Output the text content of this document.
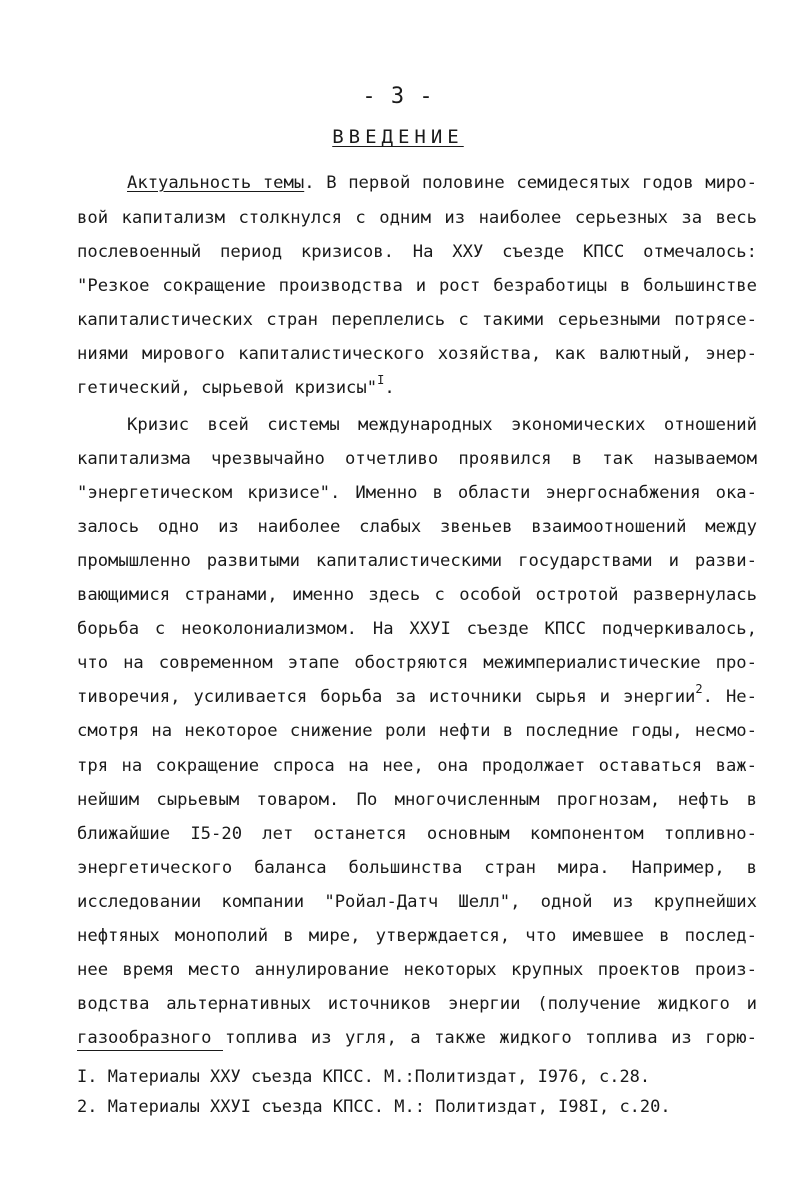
- 3 -
ВВЕДЕНИЕ
Актуальность темы. В первой половине семидесятых годов миро-
вой капитализм столкнулся с одним из наиболее серьезных за весь
послевоенный период кризисов. На ХХУ съезде КПСС отмечалось:
"Резкое сокращение производства и рост безработицы в большинстве
капиталистических стран переплелись с такими серьезными потрясе-
ниями мирового капиталистического хозяйства, как валютный, энер-
гетический, сырьевой кризисы"$^I$.
Кризис всей системы международных экономических отношений
капитализма чрезвычайно отчетливо проявился в так называемом
"энергетическом кризисе". Именно в области энергоснабжения ока-
залось одно из наиболее слабых звеньев взаимоотношений между
промышленно развитыми капиталистическими государствами и разви-
вающимися странами, именно здесь с особой остротой развернулась
борьба с неоколониализмом. На ХХУI съезде КПСС подчеркивалось,
что на современном этапе обостряются межимпериалистические про-
тиворечия, усиливается борьба за источники сырья и энергии$^2$. Не-
смотря на некоторое снижение роли нефти в последние годы, несмо-
тря на сокращение спроса на нее, она продолжает оставаться важ-
нейшим сырьевым товаром. По многочисленным прогнозам, нефть в
ближайшие I5-20 лет останется основным компонентом топливно-
энергетического баланса большинства стран мира. Например, в
исследовании компании "Ройал-Датч Шелл", одной из крупнейших
нефтяных монополий в мире, утверждается, что имевшее в послед-
нее время место аннулирование некоторых крупных проектов произ-
водства альтернативных источников энергии (получение жидкого и
газообразного топлива из угля, а также жидкого топлива из горю-
I. Материалы ХХУ съезда КПСС. М.:Политиздат, I976, с.28.
2. Материалы ХХУI съезда КПСС. М.: Политиздат, I98I, с.20.
